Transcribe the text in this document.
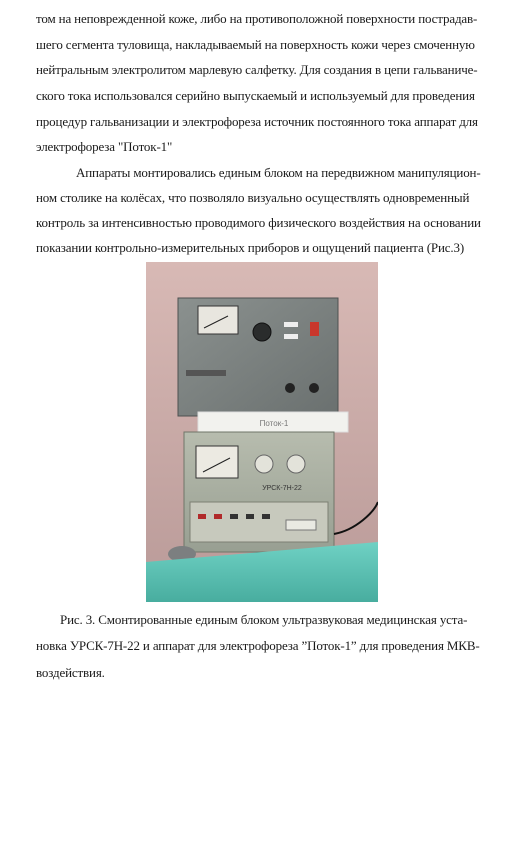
том на неповрежденной коже, либо на противоположной поверхности пострадав-
шего сегмента туловища, накладываемый на поверхность кожи через смоченную
нейтральным электролитом марлевую салфетку. Для создания в цепи гальваниче-
ского тока использовался серийно выпускаемый и используемый для проведения
процедур гальванизации и электрофореза источник постоянного тока аппарат для
электрофореза "Поток-1"
Аппараты монтировались единым блоком на передвижном манипуляцион-
ном столике на колёсах, что позволяло визуально осуществлять одновременный
контроль за интенсивностью проводимого физического воздействия на основании
показании контрольно-измерительных приборов и ощущений пациента (Рис.3)
Поток-1
УРСК-7Н-22
Рис. 3. Смонтированные единым блоком ультразвуковая медицинская уста-
новка УРСК-7Н-22 и аппарат для электрофореза ”Поток-1” для проведения МКВ-
воздействия.
